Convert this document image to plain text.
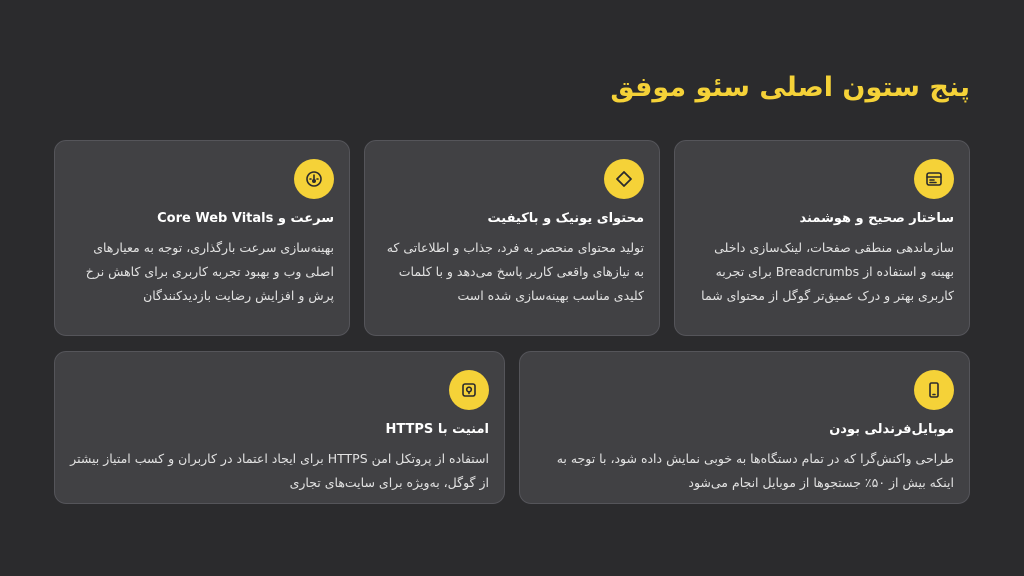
پنج ستون اصلی سئو موفق
ساختار صحیح و هوشمند
سازماندهی منطقی صفحات، لینک‌سازی داخلی بهینه و استفاده از Breadcrumbs برای تجربه کاربری بهتر و درک عمیق‌تر گوگل از محتوای شما
محتوای یونیک و باکیفیت
تولید محتوای منحصر به فرد، جذاب و اطلاعاتی که به نیازهای واقعی کاربر پاسخ می‌دهد و با کلمات کلیدی مناسب بهینه‌سازی شده است
سرعت و Core Web Vitals
بهینه‌سازی سرعت بارگذاری، توجه به معیارهای اصلی وب و بهبود تجربه کاربری برای کاهش نرخ پرش و افزایش رضایت بازدیدکنندگان
موبایل‌فرندلی بودن
طراحی واکنش‌گرا که در تمام دستگاه‌ها به خوبی نمایش داده شود، با توجه به اینکه بیش از ۵۰٪ جستجوها از موبایل انجام می‌شود
امنیت با HTTPS
استفاده از پروتکل امن HTTPS برای ایجاد اعتماد در کاربران و کسب امتیاز بیشتر از گوگل، به‌ویژه برای سایت‌های تجاری
